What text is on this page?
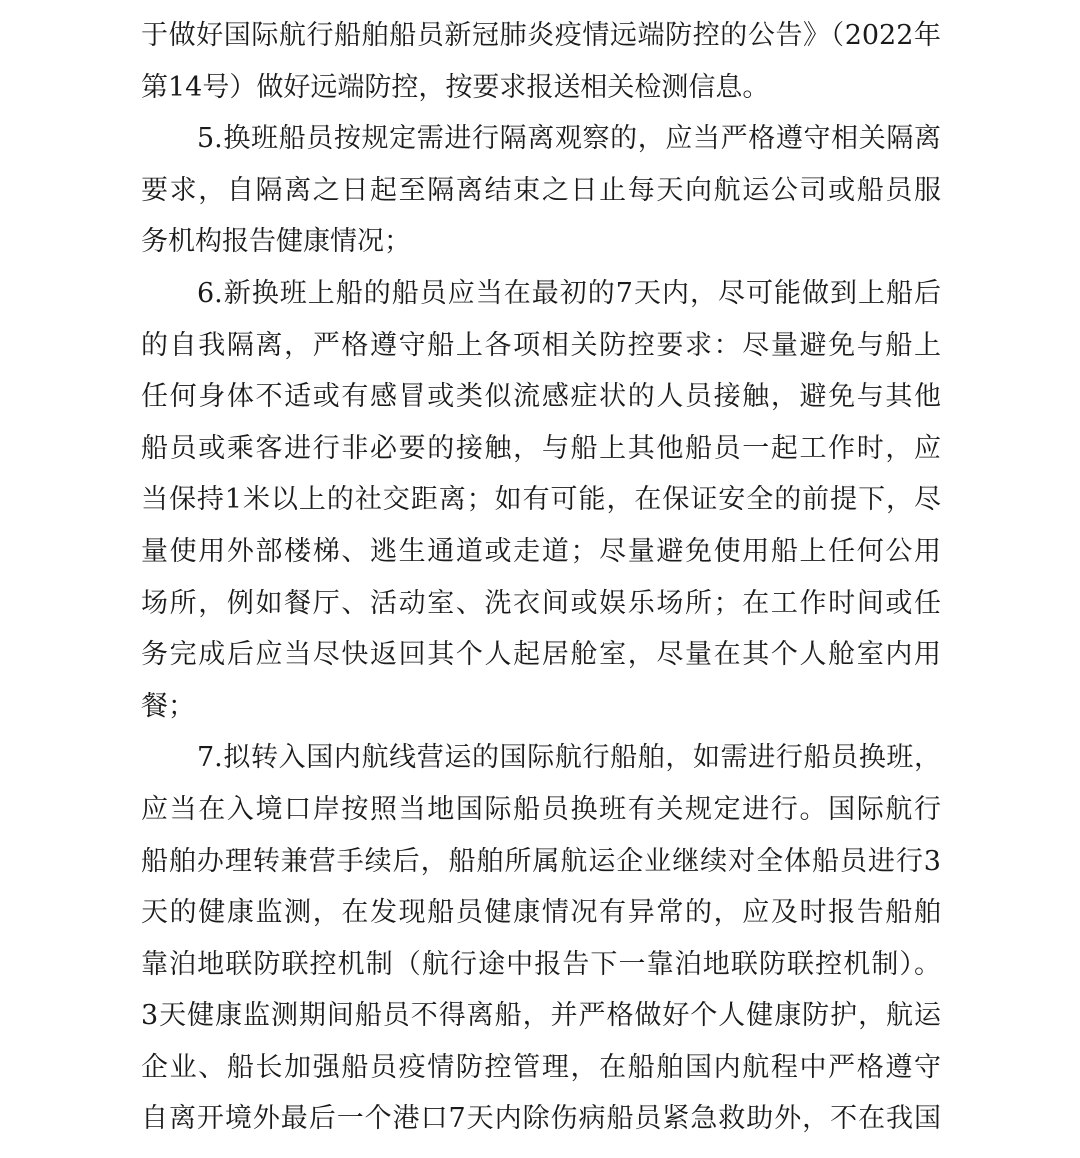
于做好国际航行船舶船员新冠肺炎疫情远端防控的公告》（2022年
第14号）做好远端防控，按要求报送相关检测信息。
5.换班船员按规定需进行隔离观察的，应当严格遵守相关隔离
要求，自隔离之日起至隔离结束之日止每天向航运公司或船员服
务机构报告健康情况；
6.新换班上船的船员应当在最初的7天内，尽可能做到上船后
的自我隔离，严格遵守船上各项相关防控要求：尽量避免与船上
任何身体不适或有感冒或类似流感症状的人员接触，避免与其他
船员或乘客进行非必要的接触，与船上其他船员一起工作时，应
当保持1米以上的社交距离；如有可能，在保证安全的前提下，尽
量使用外部楼梯、逃生通道或走道；尽量避免使用船上任何公用
场所，例如餐厅、活动室、洗衣间或娱乐场所；在工作时间或任
务完成后应当尽快返回其个人起居舱室，尽量在其个人舱室内用
餐；
7.拟转入国内航线营运的国际航行船舶，如需进行船员换班，
应当在入境口岸按照当地国际船员换班有关规定进行。国际航行
船舶办理转兼营手续后，船舶所属航运企业继续对全体船员进行3
天的健康监测，在发现船员健康情况有异常的，应及时报告船舶
靠泊地联防联控机制（航行途中报告下一靠泊地联防联控机制）。
3天健康监测期间船员不得离船，并严格做好个人健康防护，航运
企业、船长加强船员疫情防控管理，在船舶国内航程中严格遵守
自离开境外最后一个港口7天内除伤病船员紧急救助外，不在我国
